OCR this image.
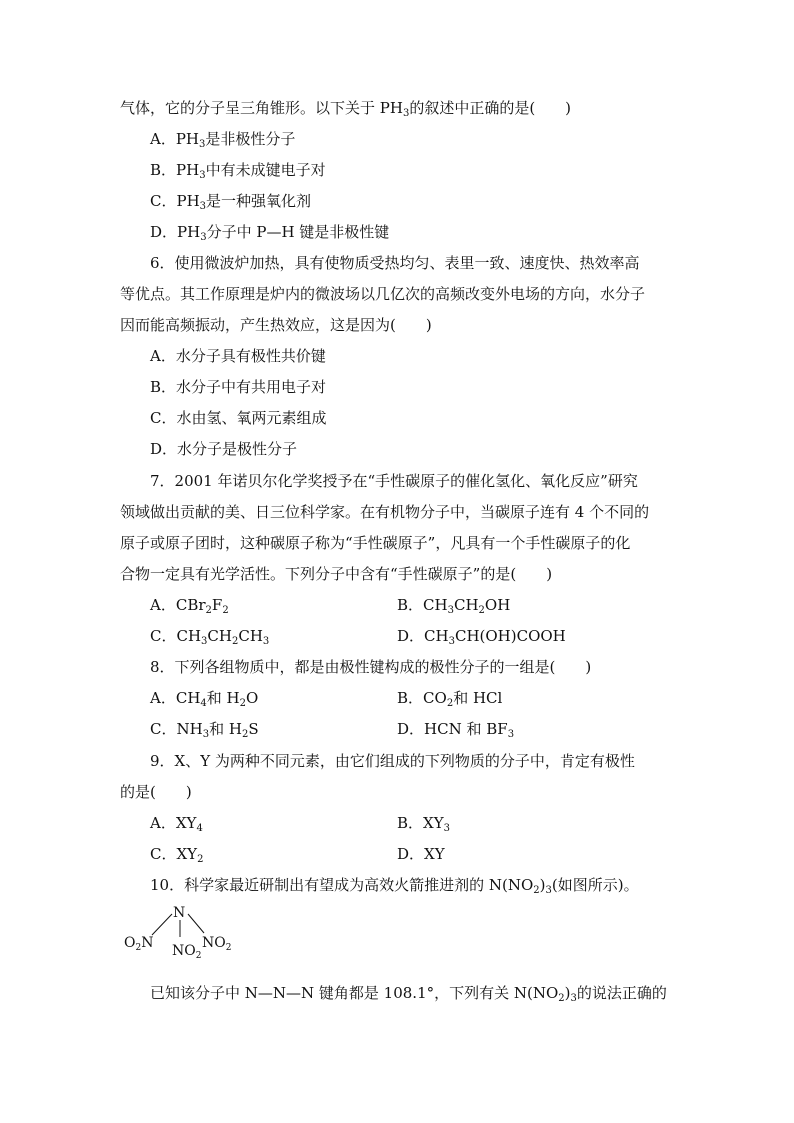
气体，它的分子呈三角锥形。以下关于 $PH_3$的叙述中正确的是(　　)
A．$PH_3$是非极性分子
B．$PH_3$中有未成键电子对
C．$PH_3$是一种强氧化剂
D．$PH_3$分子中 P—H 键是非极性键
6．使用微波炉加热，具有使物质受热均匀、表里一致、速度快、热效率高
等优点。其工作原理是炉内的微波场以几亿次的高频改变外电场的方向，水分子
因而能高频振动，产生热效应，这是因为(　　)
A．水分子具有极性共价键
B．水分子中有共用电子对
C．水由氢、氧两元素组成
D．水分子是极性分子
7．2001 年诺贝尔化学奖授予在“手性碳原子的催化氢化、氧化反应”研究
领域做出贡献的美、日三位科学家。在有机物分子中，当碳原子连有 4 个不同的
原子或原子团时，这种碳原子称为“手性碳原子”，凡具有一个手性碳原子的化
合物一定具有光学活性。下列分子中含有“手性碳原子”的是(　　)
A．$CBr_2F_2$	B．$CH_3CH_2OH$
C．$CH_3CH_2CH_3$	D．$CH_3CH(OH)COOH$
8．下列各组物质中，都是由极性键构成的极性分子的一组是(　　)
A．$CH_4$和 $H_2O$	B．$CO_2$和 HCl
C．$NH_3$和 $H_2S$	D．HCN 和 $BF_3$
9．X、Y 为两种不同元素，由它们组成的下列物质的分子中，肯定有极性
的是(　　)
A．$XY_4$	B．$XY_3$
C．$XY_2$	D．XY
10．科学家最近研制出有望成为高效火箭推进剂的 $N(NO_2)_3$(如图所示)。
N
$O_2N$ $NO_2$
$NO_2$
已知该分子中 N—N—N 键角都是 108.1°，下列有关 $N(NO_2)_3$的说法正确的
